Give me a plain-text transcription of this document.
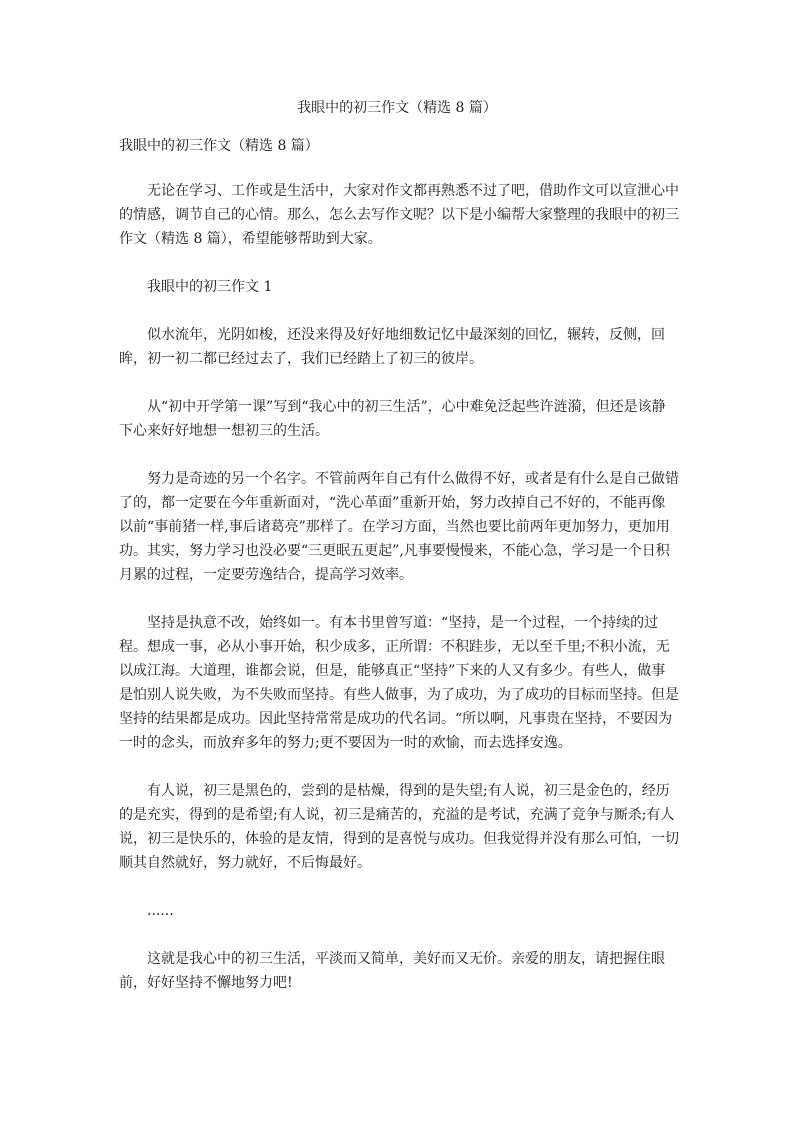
我眼中的初三作文（精选 8 篇）

我眼中的初三作文（精选 8 篇）

无论在学习、工作或是生活中，大家对作文都再熟悉不过了吧，借助作文可以宣泄心中的情感，调节自己的心情。那么，怎么去写作文呢？以下是小编帮大家整理的我眼中的初三作文（精选 8 篇），希望能够帮助到大家。

我眼中的初三作文 1

似水流年，光阴如梭，还没来得及好好地细数记忆中最深刻的回忆，辗转，反侧，回眸，初一初二都已经过去了，我们已经踏上了初三的彼岸。

从“初中开学第一课”写到“我心中的初三生活”，心中难免泛起些许涟漪，但还是该静下心来好好地想一想初三的生活。

努力是奇迹的另一个名字。不管前两年自己有什么做得不好，或者是有什么是自己做错了的，都一定要在今年重新面对，“洗心革面”重新开始，努力改掉自己不好的，不能再像以前“事前猪一样,事后诸葛亮”那样了。在学习方面，当然也要比前两年更加努力，更加用功。其实，努力学习也没必要“三更眠五更起”,凡事要慢慢来，不能心急，学习是一个日积月累的过程，一定要劳逸结合，提高学习效率。

坚持是执意不改，始终如一。有本书里曾写道：“坚持，是一个过程，一个持续的过程。想成一事，必从小事开始，积少成多，正所谓：不积跬步，无以至千里;不积小流，无以成江海。大道理，谁都会说，但是，能够真正“坚持”下来的人又有多少。有些人，做事是怕别人说失败，为不失败而坚持。有些人做事，为了成功，为了成功的目标而坚持。但是坚持的结果都是成功。因此坚持常常是成功的代名词。“所以啊，凡事贵在坚持，不要因为一时的念头，而放弃多年的努力;更不要因为一时的欢愉，而去选择安逸。

有人说，初三是黑色的，尝到的是枯燥，得到的是失望;有人说，初三是金色的，经历的是充实，得到的是希望;有人说，初三是痛苦的，充溢的是考试，充满了竞争与厮杀;有人说，初三是快乐的，体验的是友情，得到的是喜悦与成功。但我觉得并没有那么可怕，一切顺其自然就好，努力就好，不后悔最好。

......

这就是我心中的初三生活，平淡而又简单，美好而又无价。亲爱的朋友，请把握住眼前，好好坚持不懈地努力吧!
